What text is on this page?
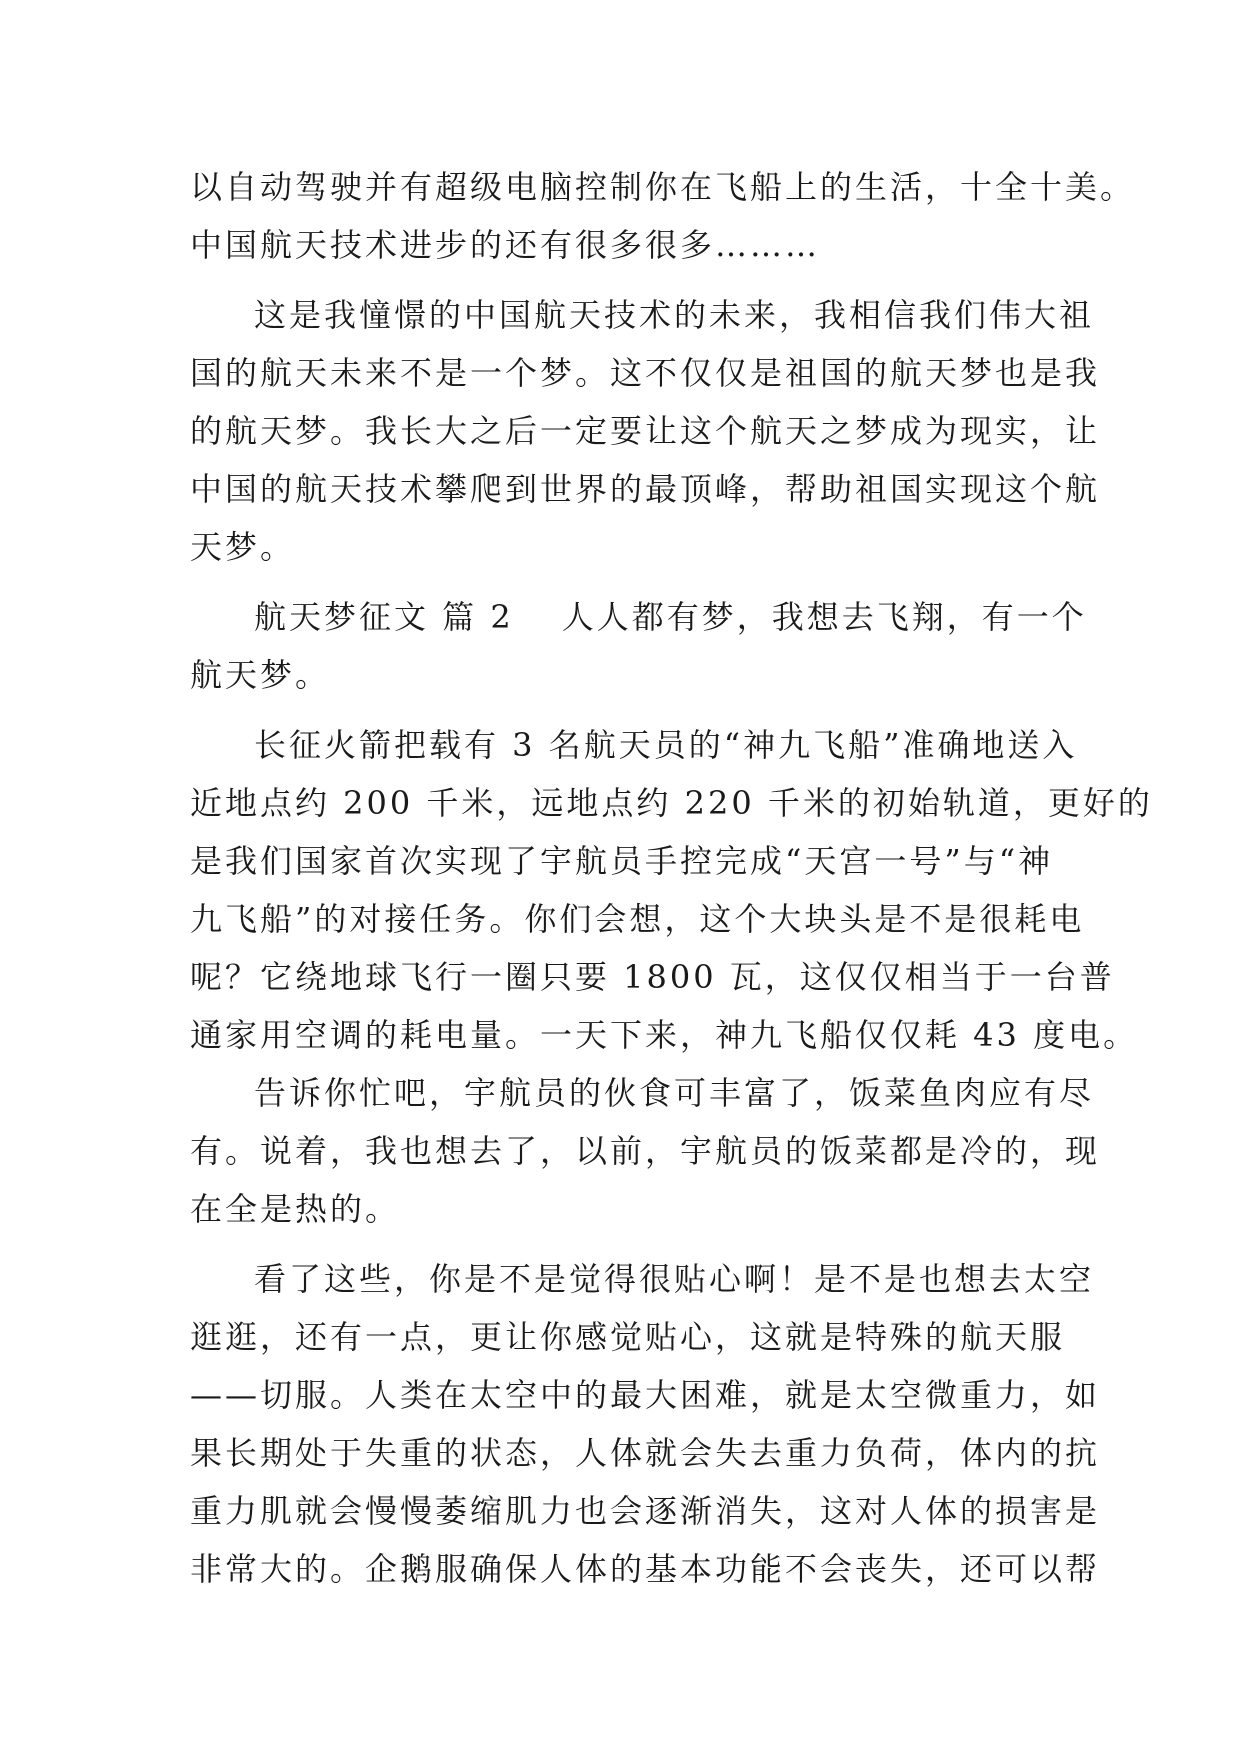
以自动驾驶并有超级电脑控制你在飞船上的生活，十全十美。
中国航天技术进步的还有很多很多………
这是我憧憬的中国航天技术的未来，我相信我们伟大祖
国的航天未来不是一个梦。这不仅仅是祖国的航天梦也是我
的航天梦。我长大之后一定要让这个航天之梦成为现实，让
中国的航天技术攀爬到世界的最顶峰，帮助祖国实现这个航
天梦。
航天梦征文 篇 2 人人都有梦，我想去飞翔，有一个
航天梦。
长征火箭把载有 3 名航天员的“神九飞船”准确地送入
近地点约 200 千米，远地点约 220 千米的初始轨道，更好的
是我们国家首次实现了宇航员手控完成“天宫一号”与“神
九飞船”的对接任务。你们会想，这个大块头是不是很耗电
呢？它绕地球飞行一圈只要 1800 瓦，这仅仅相当于一台普
通家用空调的耗电量。一天下来，神九飞船仅仅耗 43 度电。
告诉你忙吧，宇航员的伙食可丰富了，饭菜鱼肉应有尽
有。说着，我也想去了，以前，宇航员的饭菜都是冷的，现
在全是热的。
看了这些，你是不是觉得很贴心啊！是不是也想去太空
逛逛，还有一点，更让你感觉贴心，这就是特殊的航天服
——切服。人类在太空中的最大困难，就是太空微重力，如
果长期处于失重的状态，人体就会失去重力负荷，体内的抗
重力肌就会慢慢萎缩肌力也会逐渐消失，这对人体的损害是
非常大的。企鹅服确保人体的基本功能不会丧失，还可以帮
